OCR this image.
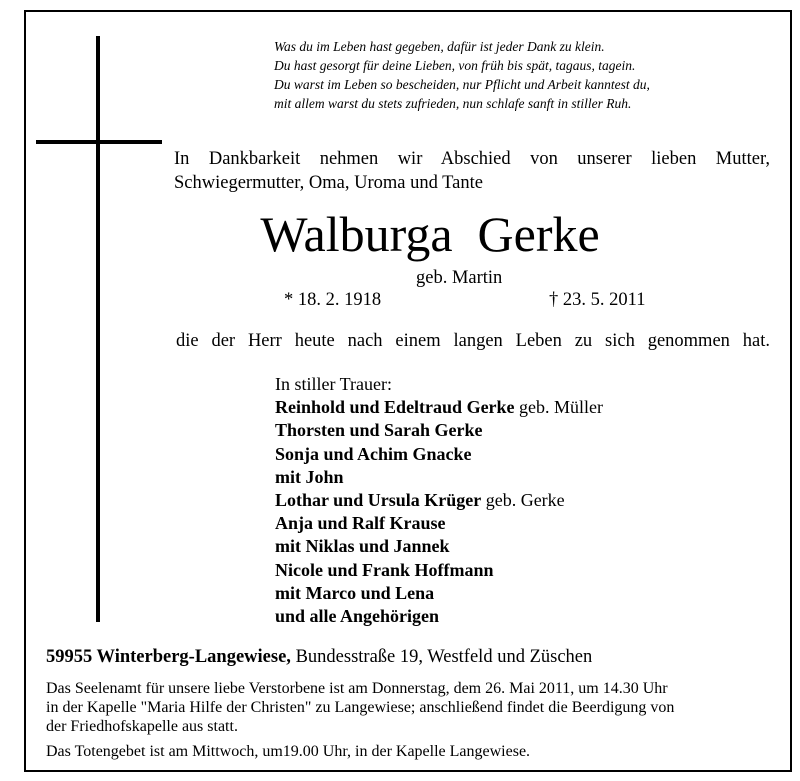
Was du im Leben hast gegeben, dafür ist jeder Dank zu klein.
Du hast gesorgt für deine Lieben, von früh bis spät, tagaus, tagein.
Du warst im Leben so bescheiden, nur Pflicht und Arbeit kanntest du,
mit allem warst du stets zufrieden, nun schlafe sanft in stiller Ruh.
In Dankbarkeit nehmen wir Abschied von unserer lieben Mutter,
Schwiegermutter, Oma, Uroma und Tante
Walburga  Gerke
geb. Martin
* 18. 2. 1918	† 23. 5. 2011
die der Herr heute nach einem langen Leben zu sich genommen hat.
In stiller Trauer:
Reinhold und Edeltraud Gerke geb. Müller
Thorsten und Sarah Gerke
Sonja und Achim Gnacke
mit John
Lothar und Ursula Krüger geb. Gerke
Anja und Ralf Krause
mit Niklas und Jannek
Nicole und Frank Hoffmann
mit Marco und Lena
und alle Angehörigen
59955 Winterberg-Langewiese, Bundesstraße 19, Westfeld und Züschen
Das Seelenamt für unsere liebe Verstorbene ist am Donnerstag, dem 26. Mai 2011, um 14.30 Uhr
in der Kapelle "Maria Hilfe der Christen" zu Langewiese; anschließend findet die Beerdigung von
der Friedhofskapelle aus statt.
Das Totengebet ist am Mittwoch, um19.00 Uhr, in der Kapelle Langewiese.
